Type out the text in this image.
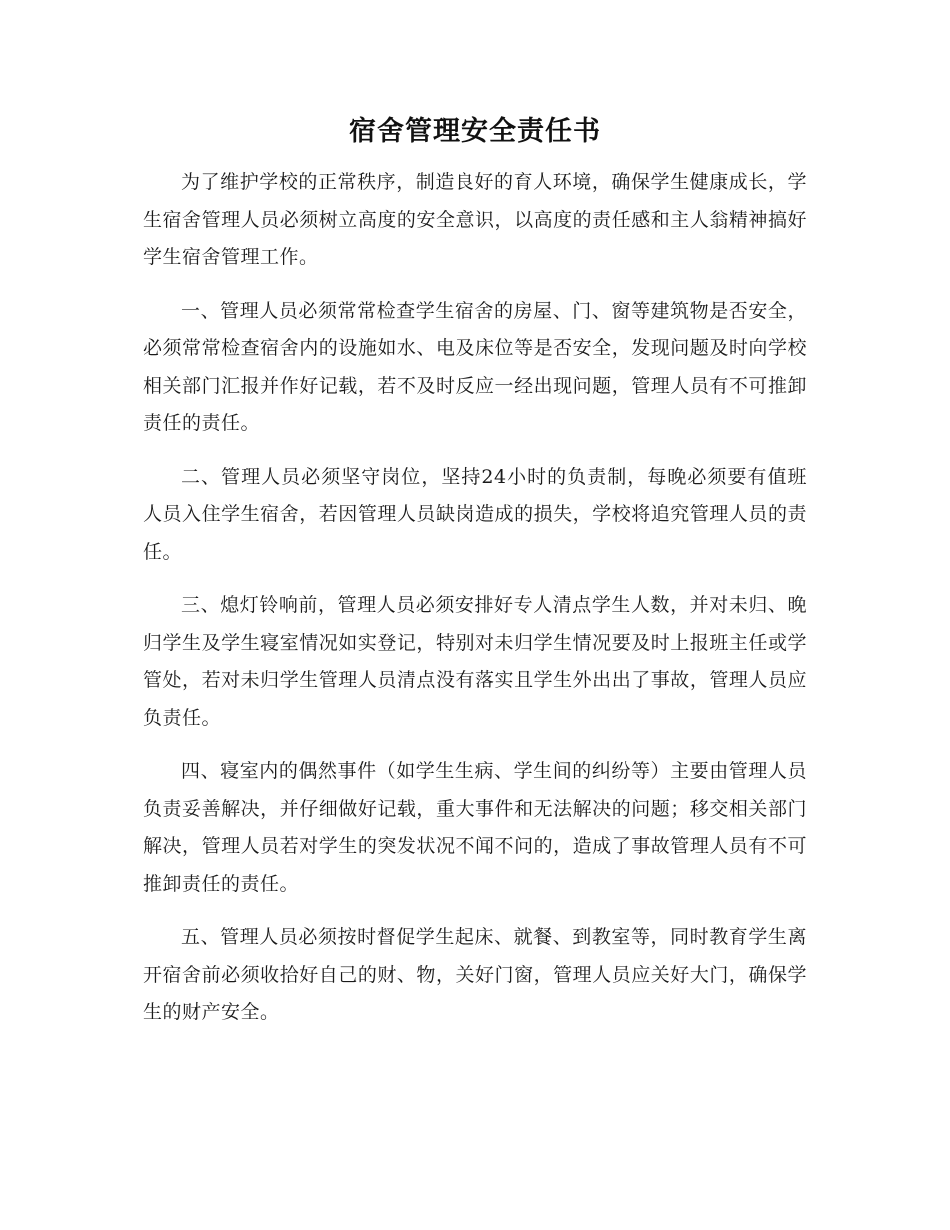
宿舍管理安全责任书

为了维护学校的正常秩序，制造良好的育人环境，确保学生健康成长，学生宿舍管理人员必须树立高度的安全意识，以高度的责任感和主人翁精神搞好学生宿舍管理工作。

一、管理人员必须常常检查学生宿舍的房屋、门、窗等建筑物是否安全，必须常常检查宿舍内的设施如水、电及床位等是否安全，发现问题及时向学校相关部门汇报并作好记载，若不及时反应一经出现问题，管理人员有不可推卸责任的责任。

二、管理人员必须坚守岗位，坚持24小时的负责制，每晚必须要有值班人员入住学生宿舍，若因管理人员缺岗造成的损失，学校将追究管理人员的责任。

三、熄灯铃响前，管理人员必须安排好专人清点学生人数，并对未归、晚归学生及学生寝室情况如实登记，特别对未归学生情况要及时上报班主任或学管处，若对未归学生管理人员清点没有落实且学生外出出了事故，管理人员应负责任。

四、寝室内的偶然事件（如学生生病、学生间的纠纷等）主要由管理人员负责妥善解决，并仔细做好记载，重大事件和无法解决的问题；移交相关部门解决，管理人员若对学生的突发状况不闻不问的，造成了事故管理人员有不可推卸责任的责任。

五、管理人员必须按时督促学生起床、就餐、到教室等，同时教育学生离开宿舍前必须收拾好自己的财、物，关好门窗，管理人员应关好大门，确保学生的财产安全。
